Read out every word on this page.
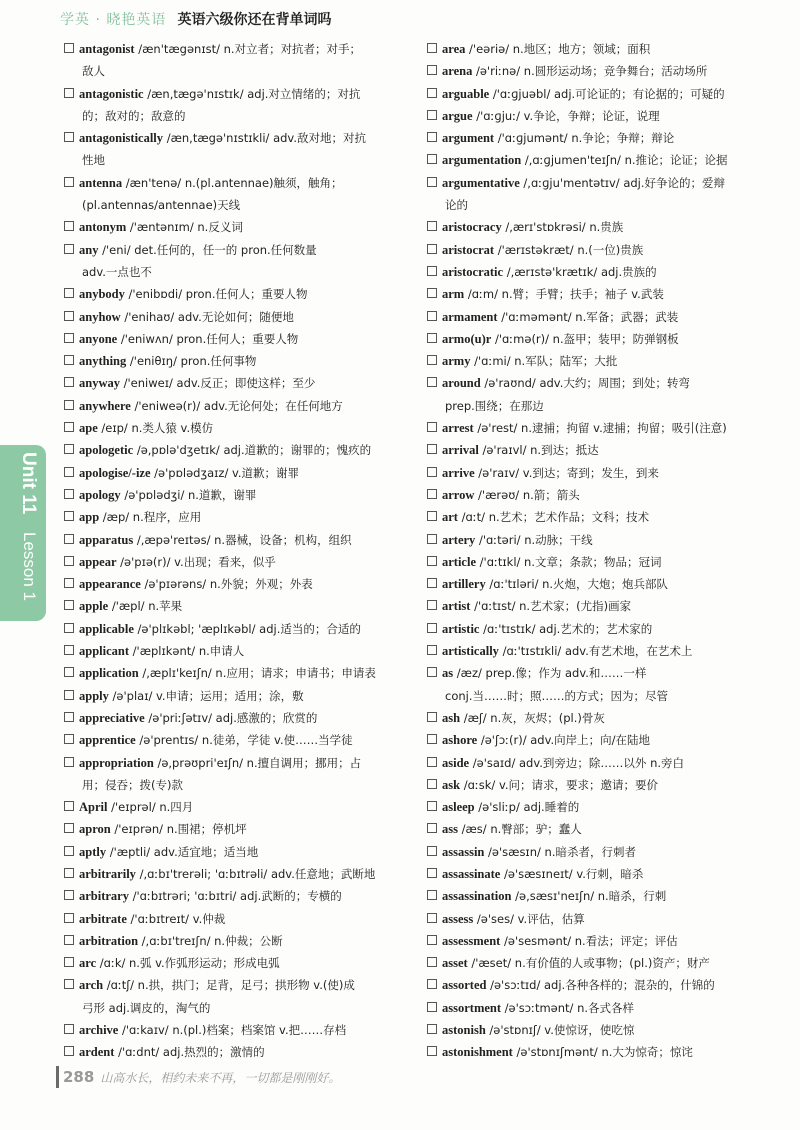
学英 · 晓艳英语 英语六级你还在背单词吗
antagonist /æn'tægənɪst/ n.对立者；对抗者；对手；
敌人
antagonistic /æn,tægə'nɪstɪk/ adj.对立情绪的；对抗
的；敌对的；敌意的
antagonistically /æn,tægə'nɪstɪkli/ adv.敌对地；对抗
性地
antenna /æn'tenə/ n.(pl.antennae)触须，触角；
(pl.antennas/antennae)天线
antonym /'æntənɪm/ n.反义词
any /'eni/ det.任何的，任一的 pron.任何数量
adv.一点也不
anybody /'enibɒdi/ pron.任何人；重要人物
anyhow /'enihaʊ/ adv.无论如何；随便地
anyone /'eniwʌn/ pron.任何人；重要人物
anything /'eniθɪŋ/ pron.任何事物
anyway /'eniweɪ/ adv.反正；即使这样；至少
anywhere /'eniweə(r)/ adv.无论何处；在任何地方
ape /eɪp/ n.类人猿 v.模仿
apologetic /ə,pɒlə'dʒetɪk/ adj.道歉的；谢罪的；愧疚的
apologise/-ize /ə'pɒlədʒaɪz/ v.道歉；谢罪
apology /ə'pɒlədʒi/ n.道歉，谢罪
app /æp/ n.程序，应用
apparatus /,æpə'reɪtəs/ n.器械，设备；机构，组织
appear /ə'pɪə(r)/ v.出现；看来，似乎
appearance /ə'pɪərəns/ n.外貌；外观；外表
apple /'æpl/ n.苹果
applicable /ə'plɪkəbl; 'æplɪkəbl/ adj.适当的；合适的
applicant /'æplɪkənt/ n.申请人
application /,æplɪ'keɪʃn/ n.应用；请求；申请书；申请表
apply /ə'plaɪ/ v.申请；运用；适用；涂，敷
appreciative /ə'priːʃətɪv/ adj.感激的；欣赏的
apprentice /ə'prentɪs/ n.徒弟，学徒 v.使……当学徒
appropriation /ə,prəʊpri'eɪʃn/ n.擅自调用；挪用；占
用；侵吞；拨(专)款
April /'eɪprəl/ n.四月
apron /'eɪprən/ n.围裙；停机坪
aptly /'æptli/ adv.适宜地；适当地
arbitrarily /,ɑːbɪ'trerəli; 'ɑːbɪtrəli/ adv.任意地；武断地
arbitrary /'ɑːbɪtrəri; 'ɑːbɪtri/ adj.武断的；专横的
arbitrate /'ɑːbɪtreɪt/ v.仲裁
arbitration /,ɑːbɪ'treɪʃn/ n.仲裁；公断
arc /ɑːk/ n.弧 v.作弧形运动；形成电弧
arch /ɑːtʃ/ n.拱，拱门；足背，足弓；拱形物 v.(使)成
弓形 adj.调皮的，淘气的
archive /'ɑːkaɪv/ n.(pl.)档案；档案馆 v.把……存档
ardent /'ɑːdnt/ adj.热烈的；激情的
area /'eəriə/ n.地区；地方；领域；面积
arena /ə'riːnə/ n.圆形运动场；竞争舞台；活动场所
arguable /'ɑːɡjuəbl/ adj.可论证的；有论据的；可疑的
argue /'ɑːɡjuː/ v.争论，争辩；论证，说理
argument /'ɑːɡjumənt/ n.争论；争辩；辩论
argumentation /,ɑːɡjumen'teɪʃn/ n.推论；论证；论据
argumentative /,ɑːɡju'mentətɪv/ adj.好争论的；爱辩
论的
aristocracy /,ærɪ'stɒkrəsi/ n.贵族
aristocrat /'ærɪstəkræt/ n.(一位)贵族
aristocratic /,ærɪstə'krætɪk/ adj.贵族的
arm /ɑːm/ n.臂；手臂；扶手；袖子 v.武装
armament /'ɑːməmənt/ n.军备；武器；武装
armo(u)r /'ɑːmə(r)/ n.盔甲；装甲；防弹钢板
army /'ɑːmi/ n.军队；陆军；大批
around /ə'raʊnd/ adv.大约；周围；到处；转弯
prep.围绕；在那边
arrest /ə'rest/ n.逮捕；拘留 v.逮捕；拘留；吸引(注意)
arrival /ə'raɪvl/ n.到达；抵达
arrive /ə'raɪv/ v.到达；寄到；发生，到来
arrow /'ærəʊ/ n.箭；箭头
art /ɑːt/ n.艺术；艺术作品；文科；技术
artery /'ɑːtəri/ n.动脉；干线
article /'ɑːtɪkl/ n.文章；条款；物品；冠词
artillery /ɑː'tɪləri/ n.火炮，大炮；炮兵部队
artist /'ɑːtɪst/ n.艺术家；(尤指)画家
artistic /ɑː'tɪstɪk/ adj.艺术的；艺术家的
artistically /ɑː'tɪstɪkli/ adv.有艺术地，在艺术上
as /æz/ prep.像；作为 adv.和……一样
conj.当……时；照……的方式；因为；尽管
ash /æʃ/ n.灰，灰烬；(pl.)骨灰
ashore /ə'ʃɔː(r)/ adv.向岸上；向/在陆地
aside /ə'saɪd/ adv.到旁边；除……以外 n.旁白
ask /ɑːsk/ v.问；请求，要求；邀请；要价
asleep /ə'sliːp/ adj.睡着的
ass /æs/ n.臀部；驴；蠢人
assassin /ə'sæsɪn/ n.暗杀者，行刺者
assassinate /ə'sæsɪneɪt/ v.行刺，暗杀
assassination /ə,sæsɪ'neɪʃn/ n.暗杀，行刺
assess /ə'ses/ v.评估，估算
assessment /ə'sesmənt/ n.看法；评定；评估
asset /'æset/ n.有价值的人或事物；(pl.)资产；财产
assorted /ə'sɔːtɪd/ adj.各种各样的；混杂的，什锦的
assortment /ə'sɔːtmənt/ n.各式各样
astonish /ə'stɒnɪʃ/ v.使惊讶，使吃惊
astonishment /ə'stɒnɪʃmənt/ n.大为惊奇；惊诧
Unit 11
Lesson 1
288 山高水长，相约未来不再，一切都是刚刚好。
